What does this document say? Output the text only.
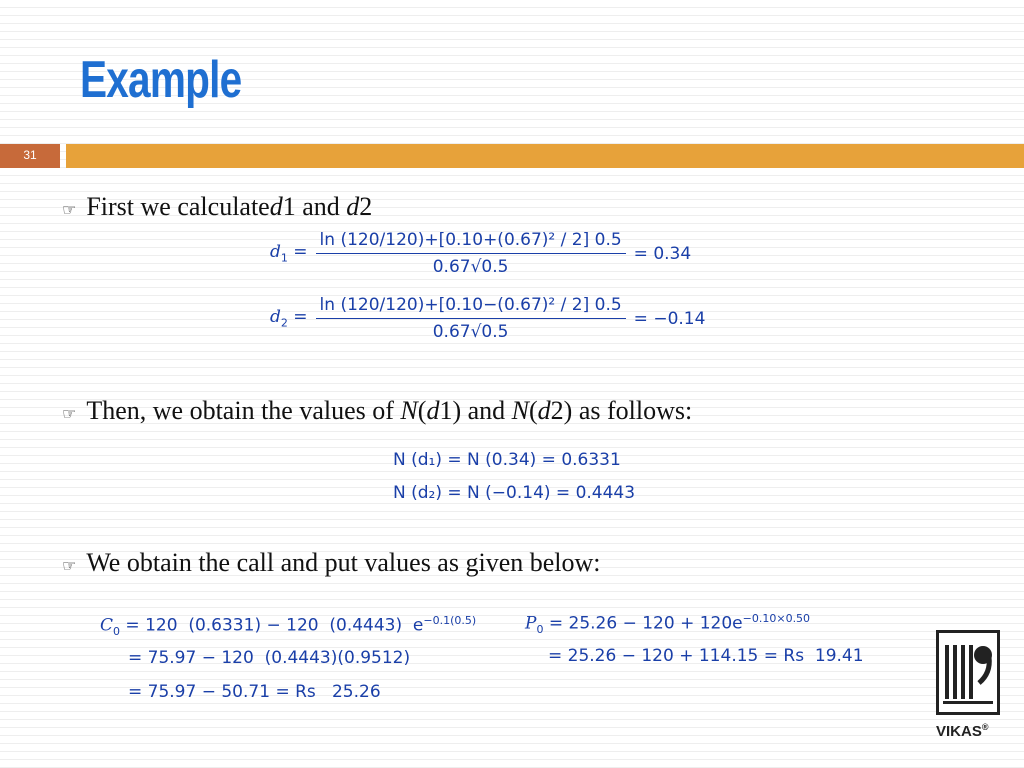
Example
31
☞ First we calculate d 1 and d 2
$d_1 = \frac{\text{ln (120/120)+[0.10+(0.67)² / 2] 0.5}}{0.67√0.5} = 0.34$
$d_2 = \frac{\text{ln (120/120)+[0.10−(0.67)² / 2] 0.5}}{0.67√0.5} = -0.14$
☞ Then, we obtain the values of N ( d 1 ) and N ( d 2 ) as follows:
N (d₁) = N (0.34) = 0.6331
N (d₂) = N (−0.14) = 0.4443
☞ We obtain the call and put values as given below:
$C_0 = 120$  (0.6331) − 120  (0.4443)  $e^{-0.1(0.5)}$
= 75.97 − 120  (0.4443)(0.9512)
= 75.97 − 50.71 = Rs   25.26
$P_0 = 25.26 - 120 + 120e^{-0.10\times 0.50}$
= 25.26 − 120 + 114.15 = Rs  19.41
VIKAS®
